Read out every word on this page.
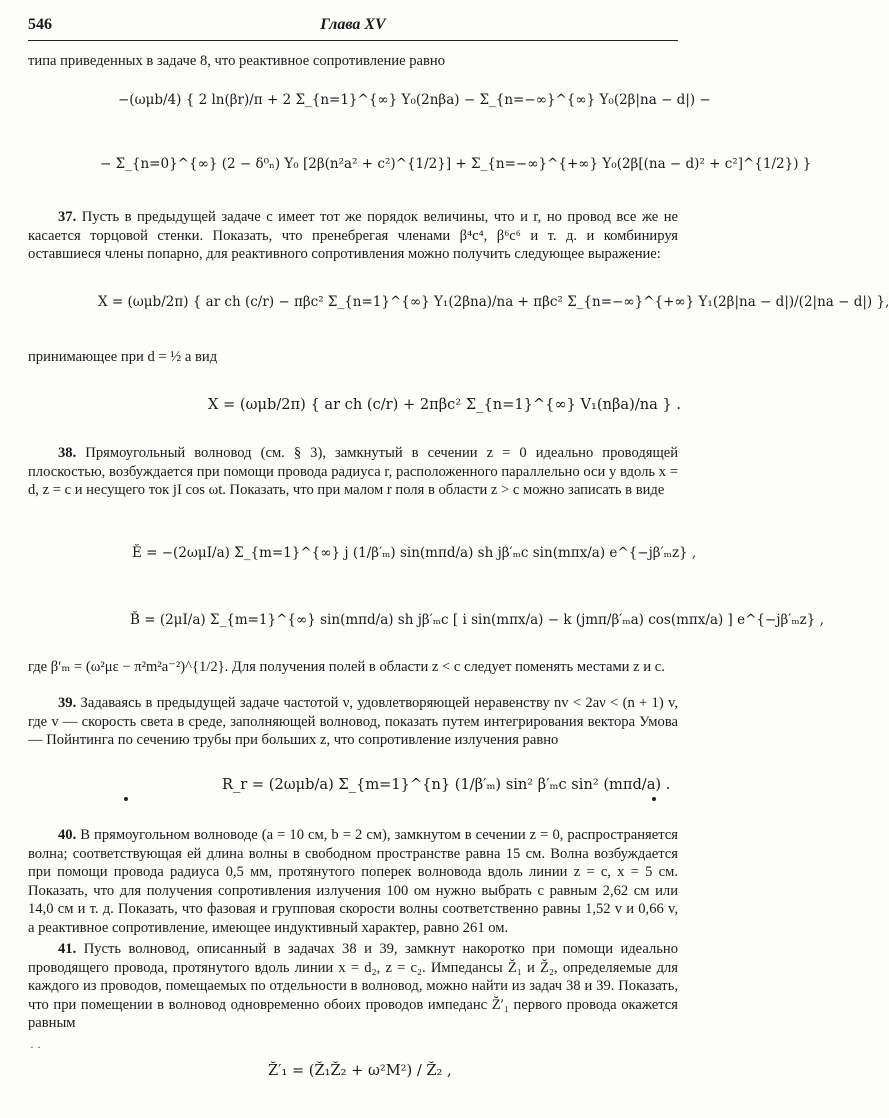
546	Глава XV
типа приведенных в задаче 8, что реактивное сопротивление равно
−(ωμb/4) { 2 ln(βr)/π + 2 Σ_{n=1}^{∞} Y₀(2nβa) − Σ_{n=−∞}^{∞} Y₀(2β|na − d|) −
− Σ_{n=0}^{∞} (2 − δ⁰ₙ) Y₀ [2β(n²a² + c²)^{1/2}] + Σ_{n=−∞}^{+∞} Y₀(2β[(na − d)² + c²]^{1/2}) }
37. Пусть в предыдущей задаче c имеет тот же порядок величины, что и r, но провод все же не касается торцовой стенки. Показать, что пренебрегая членами β⁴c⁴, β⁶c⁶ и т. д. и комбинируя оставшиеся члены попарно, для реактивного сопротивления можно получить следующее выражение:
X = (ωμb/2π) { ar ch (c/r) − πβc² Σ_{n=1}^{∞} Y₁(2βna)/na + πβc² Σ_{n=−∞}^{+∞} Y₁(2β|na − d|)/(2|na − d|) },
принимающее при d = ½ a вид
X = (ωμb/2π) { ar ch (c/r) + 2πβc² Σ_{n=1}^{∞} V₁(nβa)/na } .
38. Прямоугольный волновод (см. § 3), замкнутый в сечении z = 0 идеально проводящей плоскостью, возбуждается при помощи провода радиуса r, расположенного параллельно оси y вдоль x = d, z = c и несущего ток jI cos ωt. Показать, что при малом r поля в области z > c можно записать в виде
Ĕ = −(2ωμI/a) Σ_{m=1}^{∞} j (1/β′ₘ) sin(mπd/a) sh jβ′ₘc sin(mπx/a) e^{−jβ′ₘz} ,
B̆ = (2μI/a) Σ_{m=1}^{∞} sin(mπd/a) sh jβ′ₘc [ i sin(mπx/a) − k (jmπ/β′ₘa) cos(mπx/a) ] e^{−jβ′ₘz} ,
где β′ₘ = (ω²με − π²m²a⁻²)^{1/2}. Для получения полей в области z < c следует поменять местами z и c.
39. Задаваясь в предыдущей задаче частотой ν, удовлетворяющей неравенству nv < 2aν < (n + 1) v, где v — скорость света в среде, заполняющей волновод, показать путем интегрирования вектора Умова — Пойнтинга по сечению трубы при больших z, что сопротивление излучения равно
R_r = (2ωμb/a) Σ_{m=1}^{n} (1/β′ₘ) sin² β′ₘc sin² (mπd/a) .
40. В прямоугольном волноводе (a = 10 см, b = 2 см), замкнутом в сечении z = 0, распространяется волна; соответствующая ей длина волны в свободном пространстве равна 15 см. Волна возбуждается при помощи провода радиуса 0,5 мм, протянутого поперек волновода вдоль линии z = c, x = 5 см. Показать, что для получения сопротивления излучения 100 ом нужно выбрать c равным 2,62 см или 14,0 см и т. д. Показать, что фазовая и групповая скорости волны соответственно равны 1,52 v и 0,66 v, а реактивное сопротивление, имеющее индуктивный характер, равно 261 ом.
41. Пусть волновод, описанный в задачах 38 и 39, замкнут накоротко при помощи идеально проводящего провода, протянутого вдоль линии x = d₂, z = c₂. Импедансы Z̆₁ и Z̆₂, определяемые для каждого из проводов, помещаемых по отдельности в волновод, можно найти из задач 38 и 39. Показать, что при помещении в волновод одновременно обоих проводов импеданс Z̆′₁ первого провода окажется равным
Z̆′₁ = (Z̆₁Z̆₂ + ω²M²) / Z̆₂ ,
· ·
